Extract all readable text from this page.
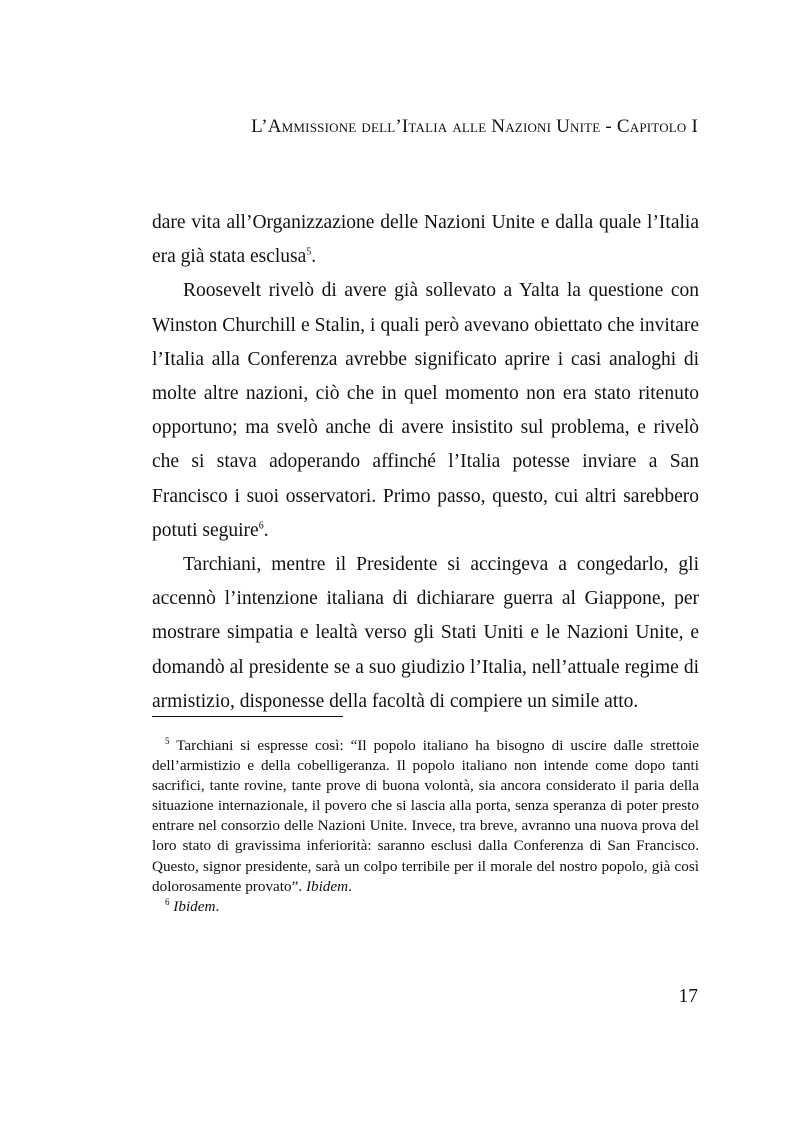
L’Ammissione dell’Italia alle Nazioni Unite - Capitolo I

dare vita all’Organizzazione delle Nazioni Unite e dalla quale l’Italia era già stata esclusa$^5$.

Roosevelt rivelò di avere già sollevato a Yalta la questione con Winston Churchill e Stalin, i quali però avevano obiettato che invitare l’Italia alla Conferenza avrebbe significato aprire i casi analoghi di molte altre nazioni, ciò che in quel momento non era stato ritenuto opportuno; ma svelò anche di avere insistito sul problema, e rivelò che si stava adoperando affinché l’Italia potesse inviare a San Francisco i suoi osservatori. Primo passo, questo, cui altri sarebbero potuti seguire$^6$.

Tarchiani, mentre il Presidente si accingeva a congedarlo, gli accennò l’intenzione italiana di dichiarare guerra al Giappone, per mostrare simpatia e lealtà verso gli Stati Uniti e le Nazioni Unite, e domandò al presidente se a suo giudizio l’Italia, nell’attuale regime di armistizio, disponesse della facoltà di compiere un simile atto.

$^5$ Tarchiani si espresse così: “Il popolo italiano ha bisogno di uscire dalle strettoie dell’armistizio e della cobelligeranza. Il popolo italiano non intende come dopo tanti sacrifici, tante rovine, tante prove di buona volontà, sia ancora considerato il paria della situazione internazionale, il povero che si lascia alla porta, senza speranza di poter presto entrare nel consorzio delle Nazioni Unite. Invece, tra breve, avranno una nuova prova del loro stato di gravissima inferiorità: saranno esclusi dalla Conferenza di San Francisco. Questo, signor presidente, sarà un colpo terribile per il morale del nostro popolo, già così dolorosamente provato”. Ibidem.

$^6$ Ibidem.

17
